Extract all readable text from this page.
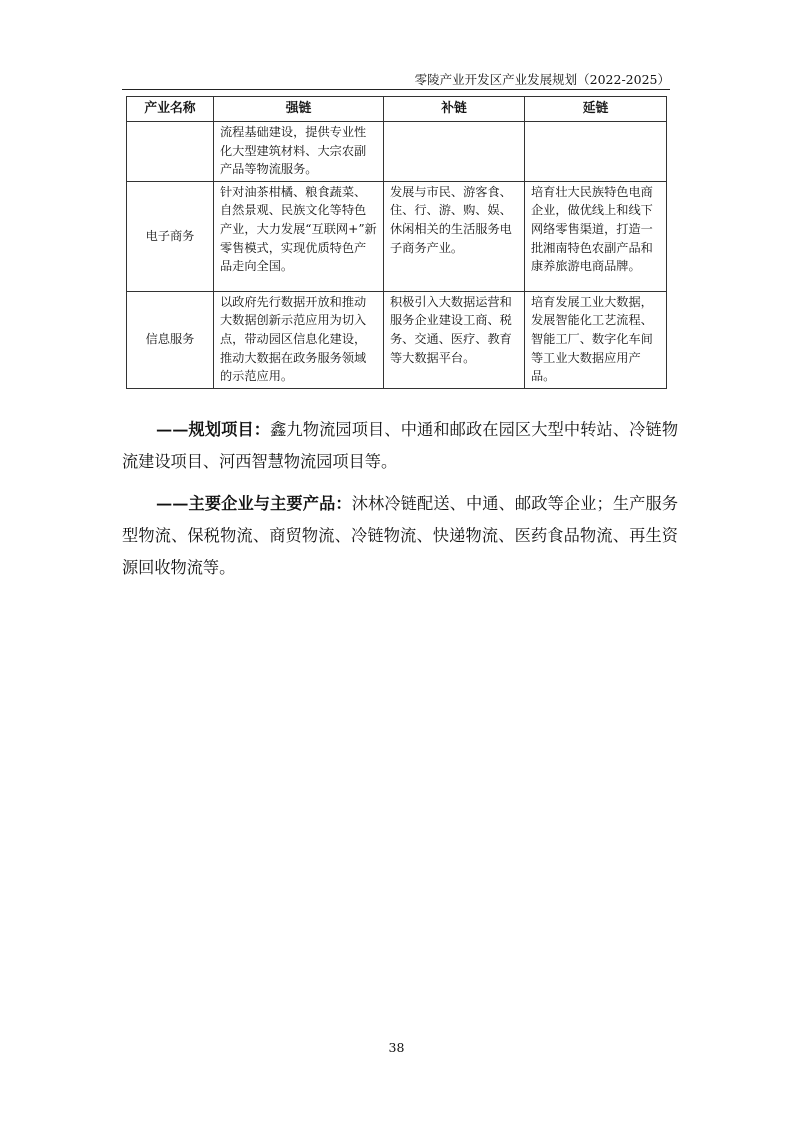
零陵产业开发区产业发展规划（2022-2025）
产业名称	强链	补链	延链
	流程基础建设，提供专业性化大型建筑材料、大宗农副产品等物流服务。		
电子商务	针对油茶柑橘、粮食蔬菜、自然景观、民族文化等特色产业，大力发展“互联网+”新零售模式，实现优质特色产品走向全国。	发展与市民、游客食、住、行、游、购、娱、休闲相关的生活服务电子商务产业。	培育壮大民族特色电商企业，做优线上和线下网络零售渠道，打造一批湘南特色农副产品和康养旅游电商品牌。
信息服务	以政府先行数据开放和推动大数据创新示范应用为切入点，带动园区信息化建设，推动大数据在政务服务领域的示范应用。	积极引入大数据运营和服务企业建设工商、税务、交通、医疗、教育等大数据平台。	培育发展工业大数据，发展智能化工艺流程、智能工厂、数字化车间等工业大数据应用产品。

——规划项目：鑫九物流园项目、中通和邮政在园区大型中转站、冷链物流建设项目、河西智慧物流园项目等。

——主要企业与主要产品：沐林冷链配送、中通、邮政等企业；生产服务型物流、保税物流、商贸物流、冷链物流、快递物流、医药食品物流、再生资源回收物流等。

38
